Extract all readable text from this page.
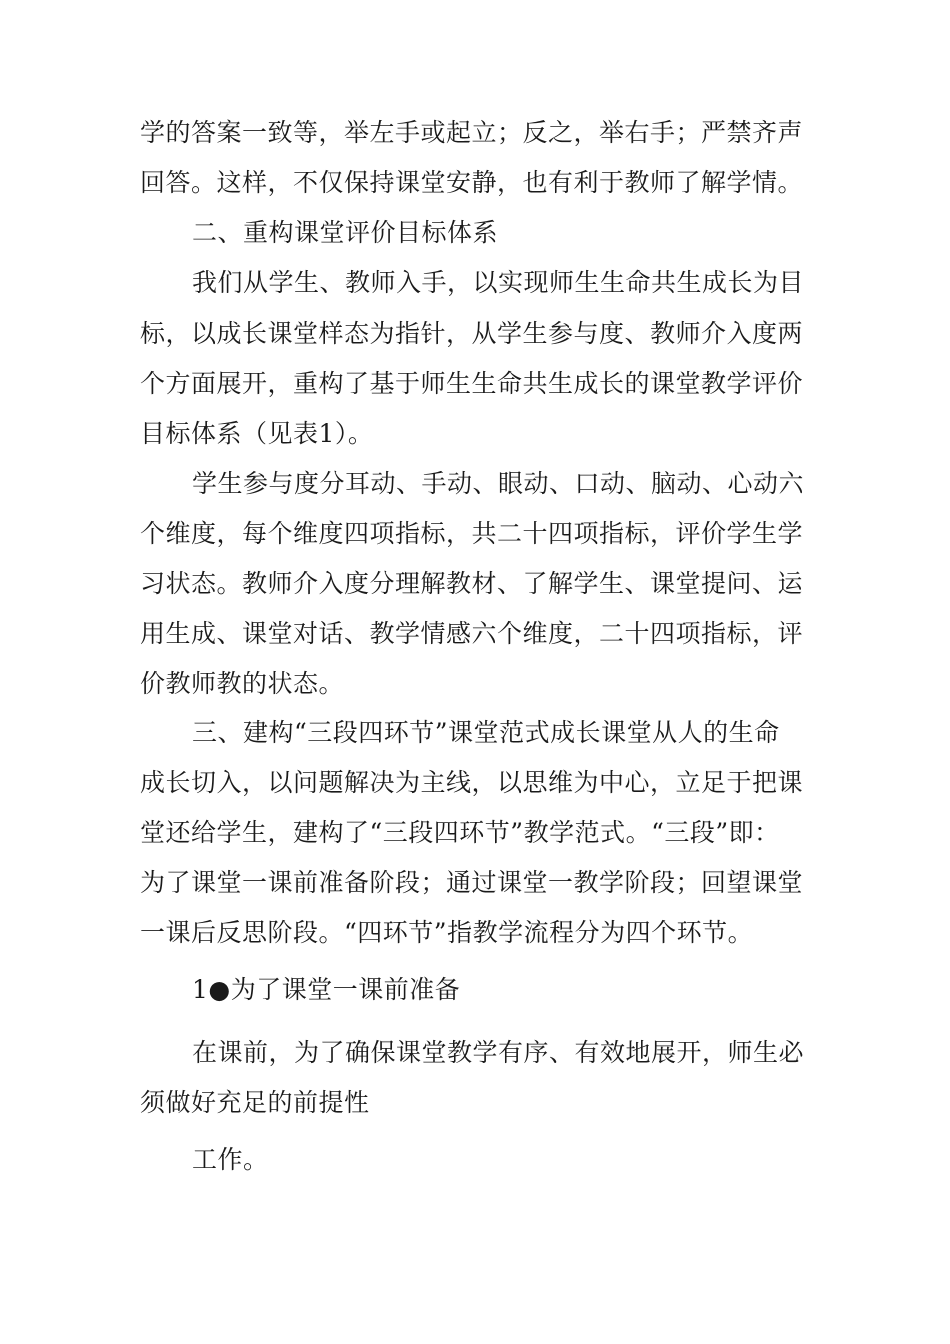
学的答案一致等，举左手或起立；反之，举右手；严禁齐声
回答。这样，不仅保持课堂安静，也有利于教师了解学情。
二、重构课堂评价目标体系
我们从学生、教师入手，以实现师生生命共生成长为目
标，以成长课堂样态为指针，从学生参与度、教师介入度两
个方面展开，重构了基于师生生命共生成长的课堂教学评价
目标体系（见表1）。
学生参与度分耳动、手动、眼动、口动、脑动、心动六
个维度，每个维度四项指标，共二十四项指标，评价学生学
习状态。教师介入度分理解教材、了解学生、课堂提问、运
用生成、课堂对话、教学情感六个维度，二十四项指标，评
价教师教的状态。
三、建构“三段四环节”课堂范式成长课堂从人的生命
成长切入，以问题解决为主线，以思维为中心，立足于把课
堂还给学生，建构了“三段四环节”教学范式。“三段”即：
为了课堂一课前准备阶段；通过课堂一教学阶段；回望课堂
一课后反思阶段。“四环节”指教学流程分为四个环节。
1●为了课堂一课前准备
在课前，为了确保课堂教学有序、有效地展开，师生必
须做好充足的前提性
工作。
